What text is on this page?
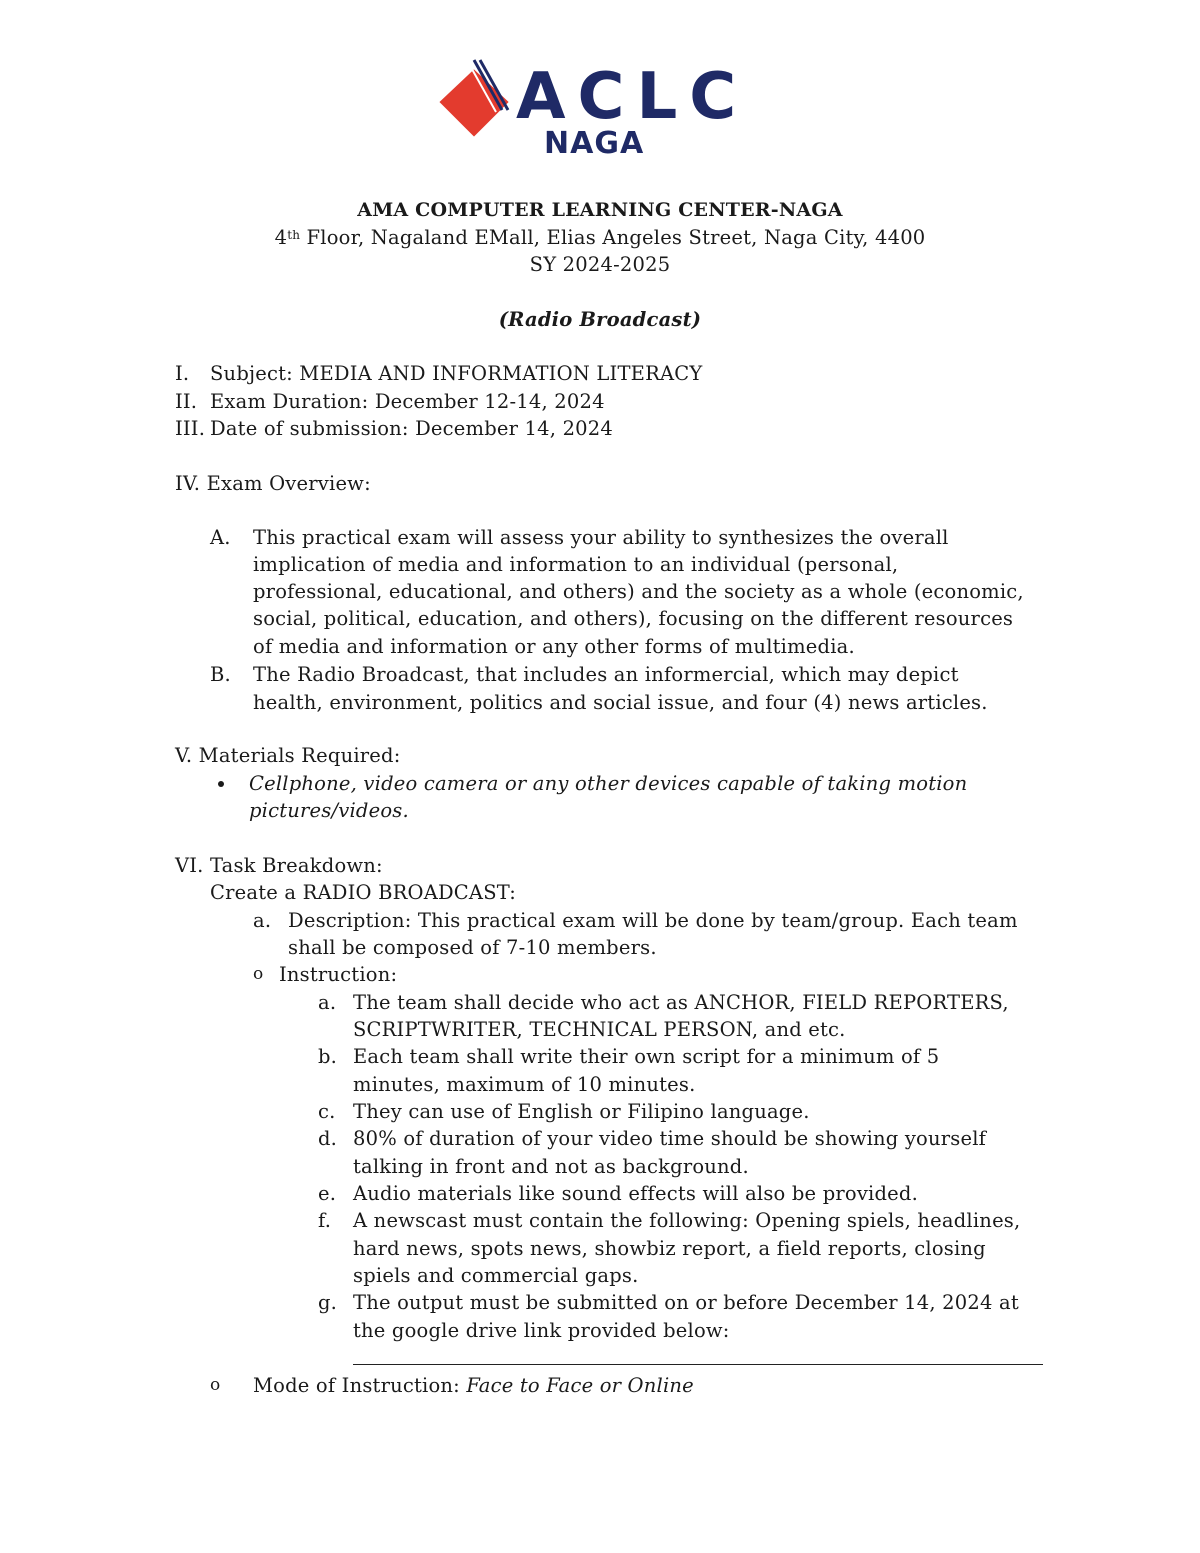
ACLC
NAGA
AMA COMPUTER LEARNING CENTER-NAGA
4th Floor, Nagaland EMall, Elias Angeles Street, Naga City, 4400
SY 2024-2025
(Radio Broadcast)
I. Subject: MEDIA AND INFORMATION LITERACY
II. Exam Duration: December 12-14, 2024
III. Date of submission: December 14, 2024
IV. Exam Overview:
A. This practical exam will assess your ability to synthesizes the overall
implication of media and information to an individual (personal,
professional, educational, and others) and the society as a whole (economic,
social, political, education, and others), focusing on the different resources
of media and information or any other forms of multimedia.
B. The Radio Broadcast, that includes an informercial, which may depict
health, environment, politics and social issue, and four (4) news articles.
V. Materials Required:
Cellphone, video camera or any other devices capable of taking motion
pictures/videos.
VI. Task Breakdown:
Create a RADIO BROADCAST:
a. Description: This practical exam will be done by team/group. Each team
shall be composed of 7-10 members.
o Instruction:
a. The team shall decide who act as ANCHOR, FIELD REPORTERS,
SCRIPTWRITER, TECHNICAL PERSON, and etc.
b. Each team shall write their own script for a minimum of 5
minutes, maximum of 10 minutes.
c. They can use of English or Filipino language.
d. 80% of duration of your video time should be showing yourself
talking in front and not as background.
e. Audio materials like sound effects will also be provided.
f. A newscast must contain the following: Opening spiels, headlines,
hard news, spots news, showbiz report, a field reports, closing
spiels and commercial gaps.
g. The output must be submitted on or before December 14, 2024 at
the google drive link provided below:
o Mode of Instruction: Face to Face or Online
